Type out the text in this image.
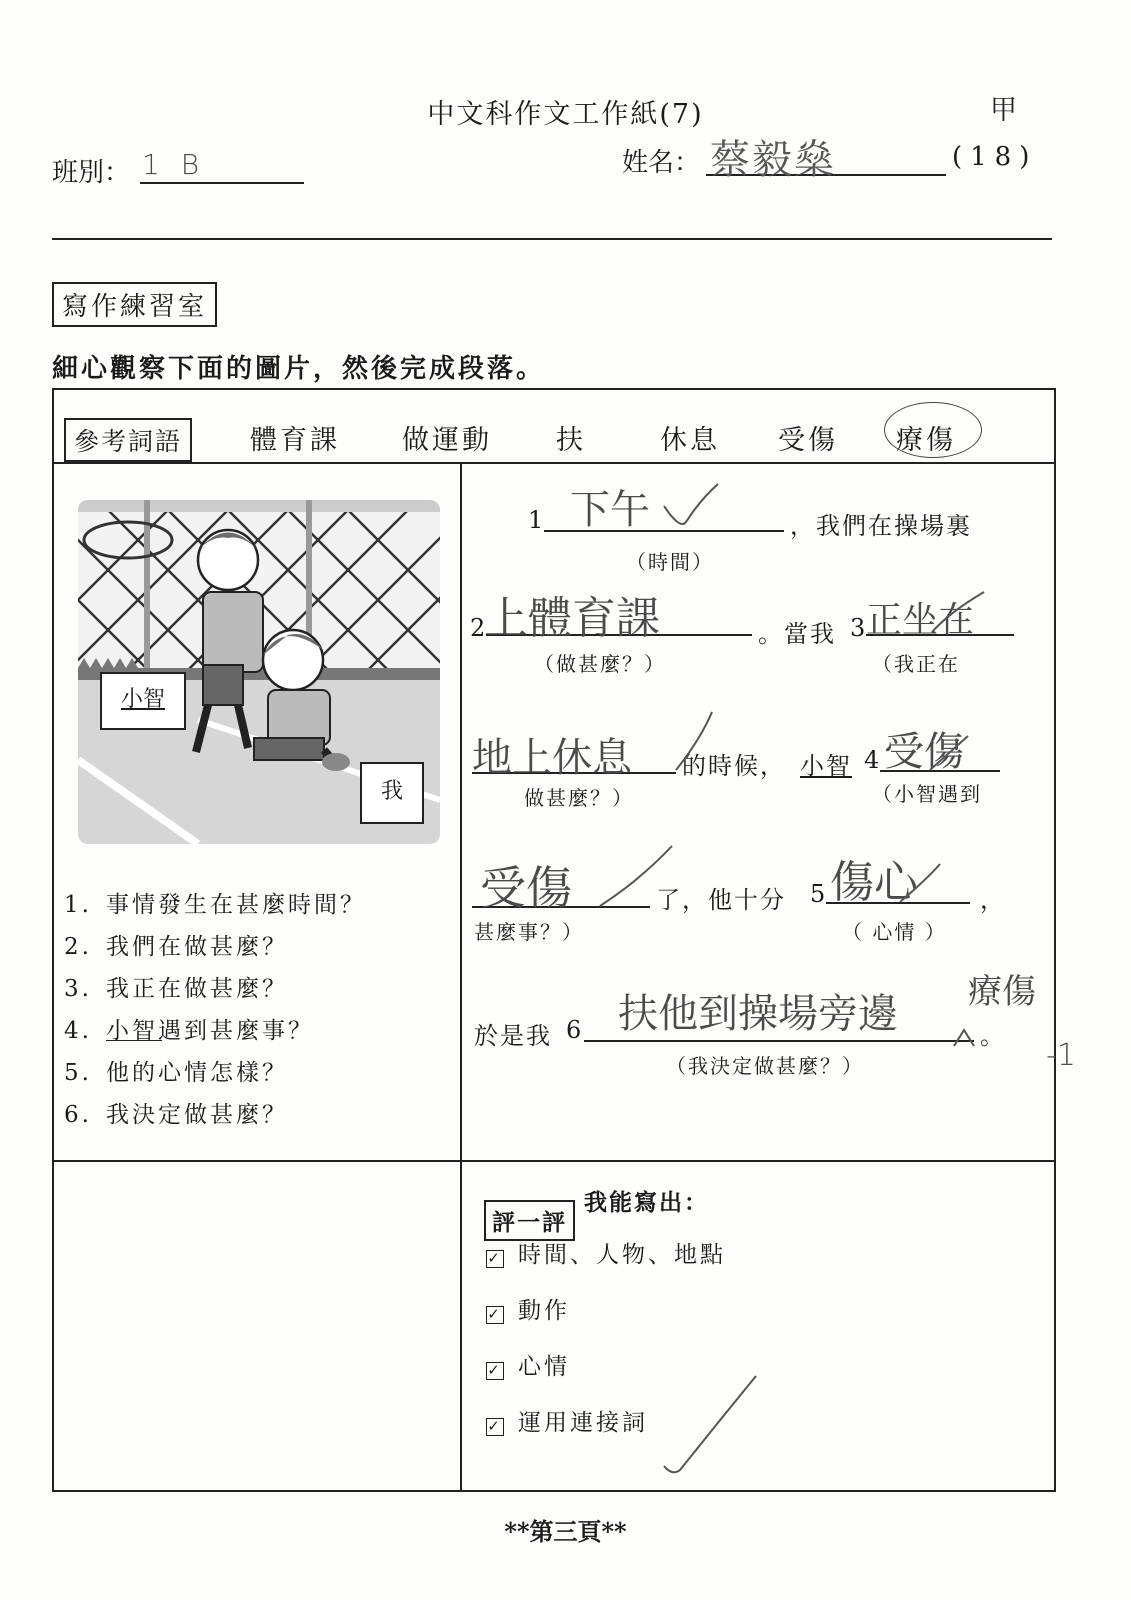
中文科作文工作紙(7)	甲
班別： 1 B	姓名： 蔡毅燊	(18)
寫作練習室
細心觀察下面的圖片，然後完成段落。
參考詞語	體育課 做運動 扶	休息 受傷 療傷
小智
我
1. 事情發生在甚麼時間？
2. 我們在做甚麼？
3. 我正在做甚麼？
4. 小智遇到甚麼事？
5. 他的心情怎樣？
6. 我決定做甚麼？
1 下午	，我們在操場裏
（時間）
2
上體育課	。當我 3
正坐在
（做甚麼？）	（我正在
地上休息 的時候， 小智 4 受傷
做甚麼？）	（小智遇到
受傷	了，他十分 5 傷心	，
甚麼事？）	（ 心情 ）
於是我 6 扶他到操場旁邊	。
（我決定做甚麼？）
療傷
-1
評一評
我能寫出：
✓ 時間、人物、地點
✓ 動作
✓ 心情
✓ 運用連接詞
**第三頁**
